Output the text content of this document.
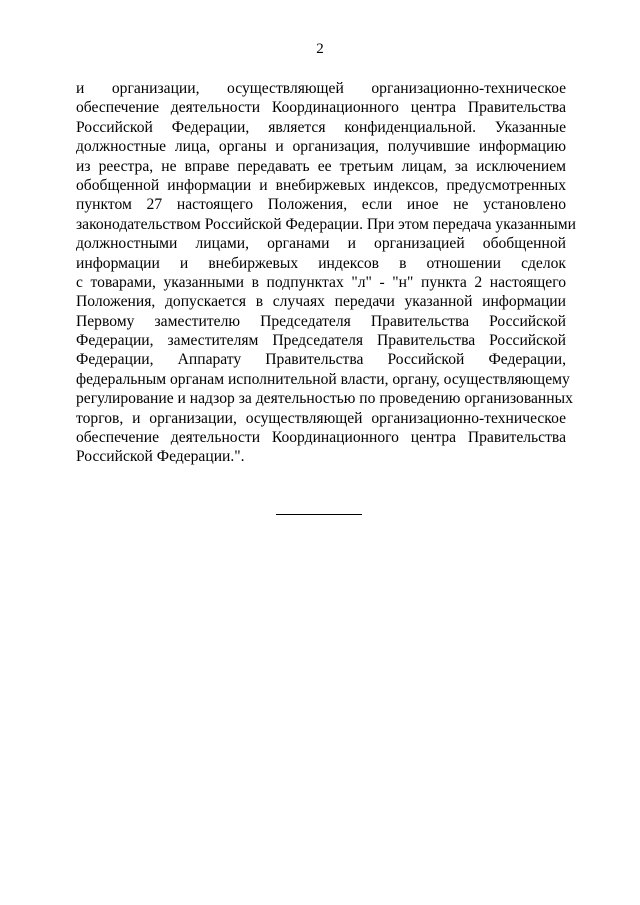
2
и организации, осуществляющей организационно-техническое
обеспечение деятельности Координационного центра Правительства
Российской Федерации, является конфиденциальной. Указанные
должностные лица, органы и организация, получившие информацию
из реестра, не вправе передавать ее третьим лицам, за исключением
обобщенной информации и внебиржевых индексов, предусмотренных
пунктом 27 настоящего Положения, если иное не установлено
законодательством Российской Федерации. При этом передача указанными
должностными лицами, органами и организацией обобщенной
информации и внебиржевых индексов в отношении сделок
с товарами, указанными в подпунктах "л" - "н" пункта 2 настоящего
Положения, допускается в случаях передачи указанной информации
Первому заместителю Председателя Правительства Российской
Федерации, заместителям Председателя Правительства Российской
Федерации, Аппарату Правительства Российской Федерации,
федеральным органам исполнительной власти, органу, осуществляющему
регулирование и надзор за деятельностью по проведению организованных
торгов, и организации, осуществляющей организационно-техническое
обеспечение деятельности Координационного центра Правительства
Российской Федерации.".
